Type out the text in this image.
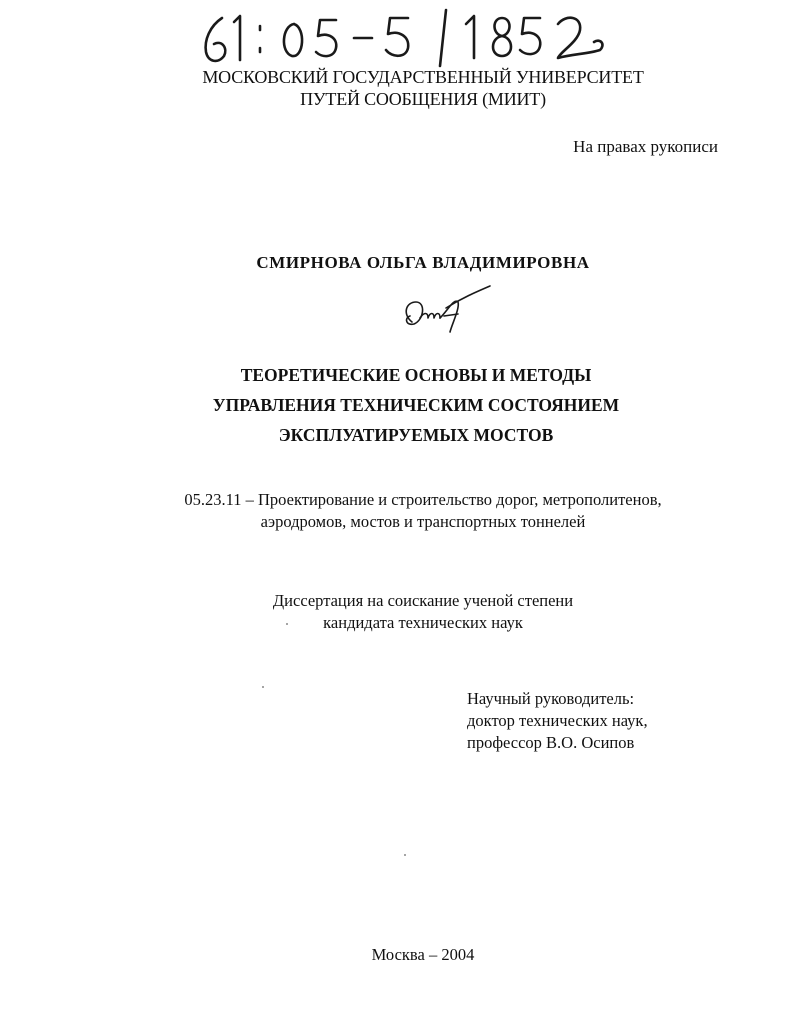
МОСКОВСКИЙ ГОСУДАРСТВЕННЫЙ УНИВЕРСИТЕТ
ПУТЕЙ СООБЩЕНИЯ (МИИТ)
На правах рукописи
СМИРНОВА ОЛЬГА ВЛАДИМИРОВНА
ТЕОРЕТИЧЕСКИЕ ОСНОВЫ И МЕТОДЫ
УПРАВЛЕНИЯ ТЕХНИЧЕСКИМ СОСТОЯНИЕМ
ЭКСПЛУАТИРУЕМЫХ МОСТОВ
05.23.11 – Проектирование и строительство дорог, метрополитенов,
аэродромов, мостов и транспортных тоннелей
Диссертация на соискание ученой степени
кандидата технических наук
Научный руководитель:
доктор технических наук,
профессор В.О. Осипов
Москва – 2004
